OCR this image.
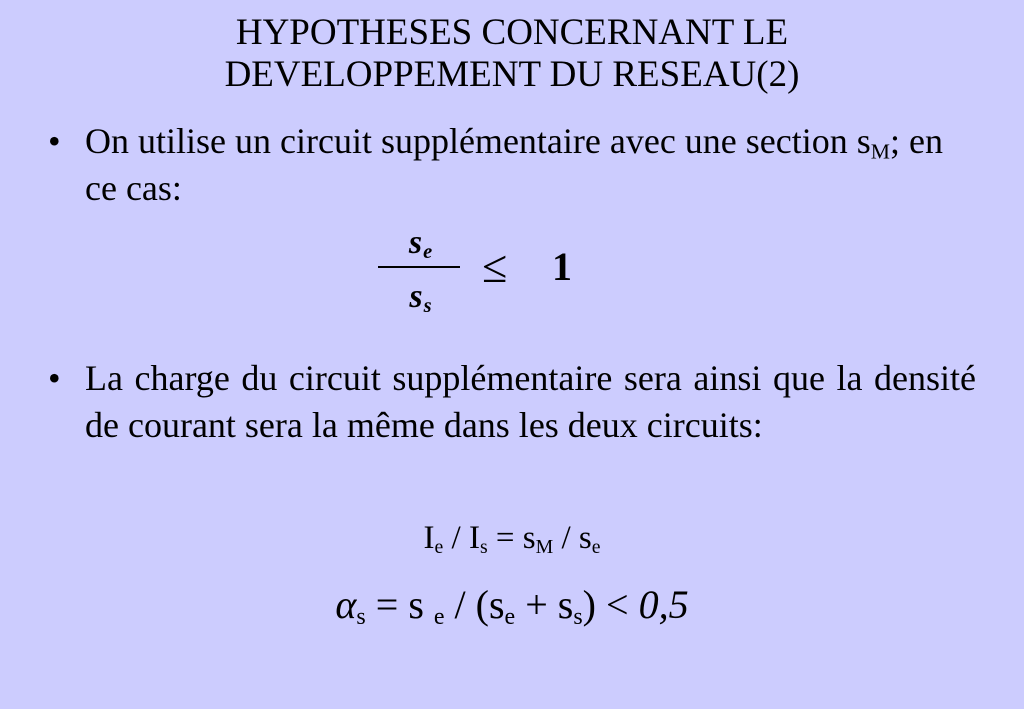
HYPOTHESES CONCERNANT LE
DEVELOPPEMENT DU RESEAU(2)
• On utilise un circuit supplémentaire avec une section $s_M$; en ce cas:
$s_e$
$s_s$
≤ 1
• La charge du circuit supplémentaire sera ainsi que la densité de courant sera la même dans les deux circuits:
$I_e / I_s = s_M / s_e$
$\alpha_s = s$ $_e / (s_e + s_s) < 0,5$
